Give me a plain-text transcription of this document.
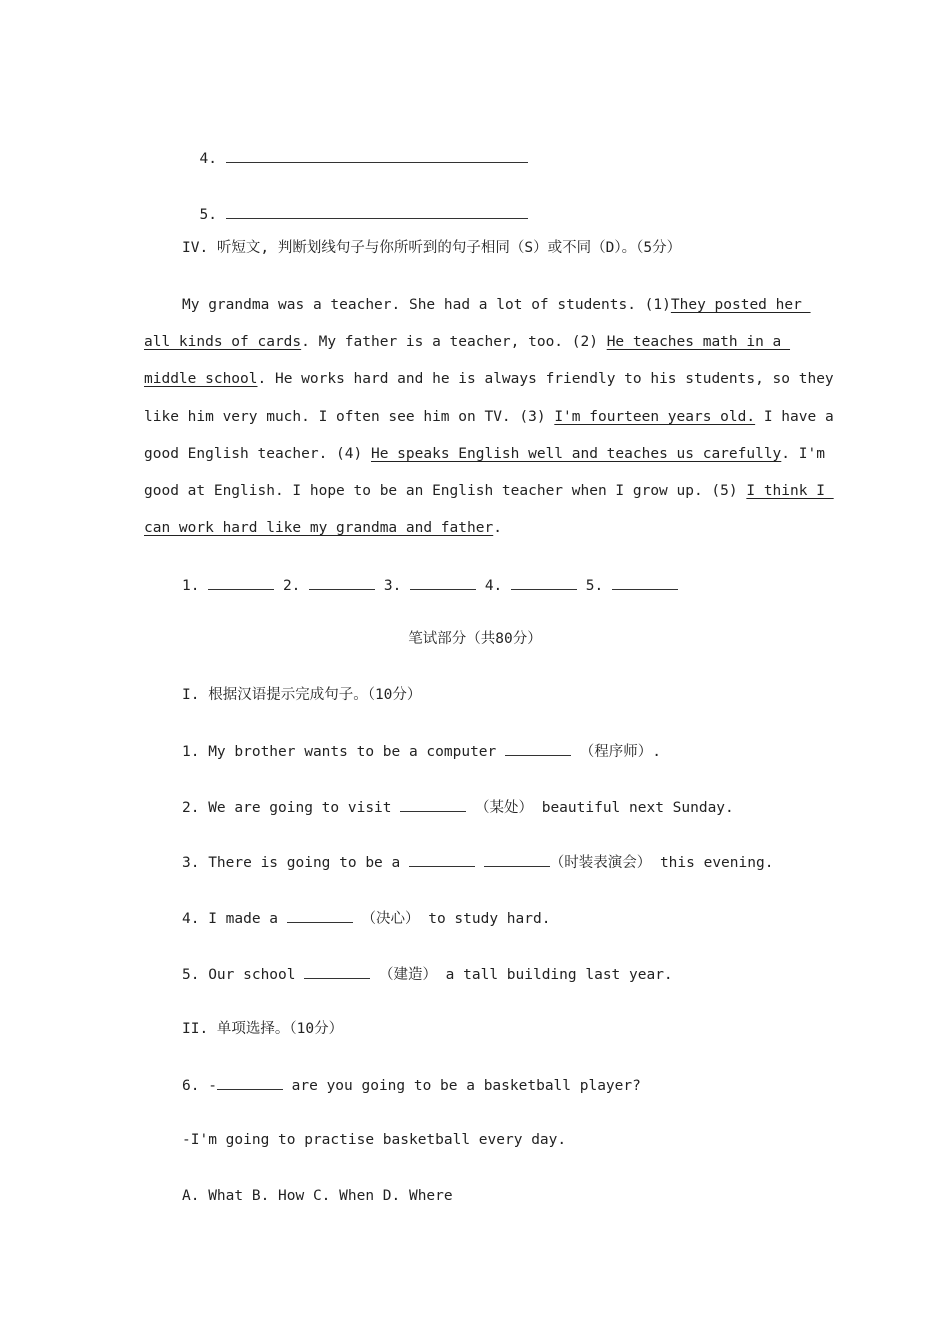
4.

5.

IV. 听短文, 判断划线句子与你所听到的句子相同（S）或不同（D）。（5分）
My grandma was a teacher. She had a lot of students. (1)They posted her
all kinds of cards. My father is a teacher, too. (2) He teaches math in a
middle school. He works hard and he is always friendly to his students, so they
like him very much. I often see him on TV. (3) I'm fourteen years old. I have a
good English teacher. (4) He speaks English well and teaches us carefully. I'm
good at English. I hope to be an English teacher when I grow up. (5) I think I
can work hard like my grandma and father.
1.	2.	3.	4.	5.
笔试部分（共80分）
I. 根据汉语提示完成句子。（10分）
1. My brother wants to be a computer	（程序师）.
2. We are going to visit	（某处） beautiful next Sunday.
3. There is going to be a	（时装表演会） this evening.
4. I made a	（决心） to study hard.
5. Our school	（建造） a tall building last year.
II. 单项选择。（10分）
6. -	are you going to be a basketball player?
-I'm going to practise basketball every day.
A. What B. How C. When D. Where
